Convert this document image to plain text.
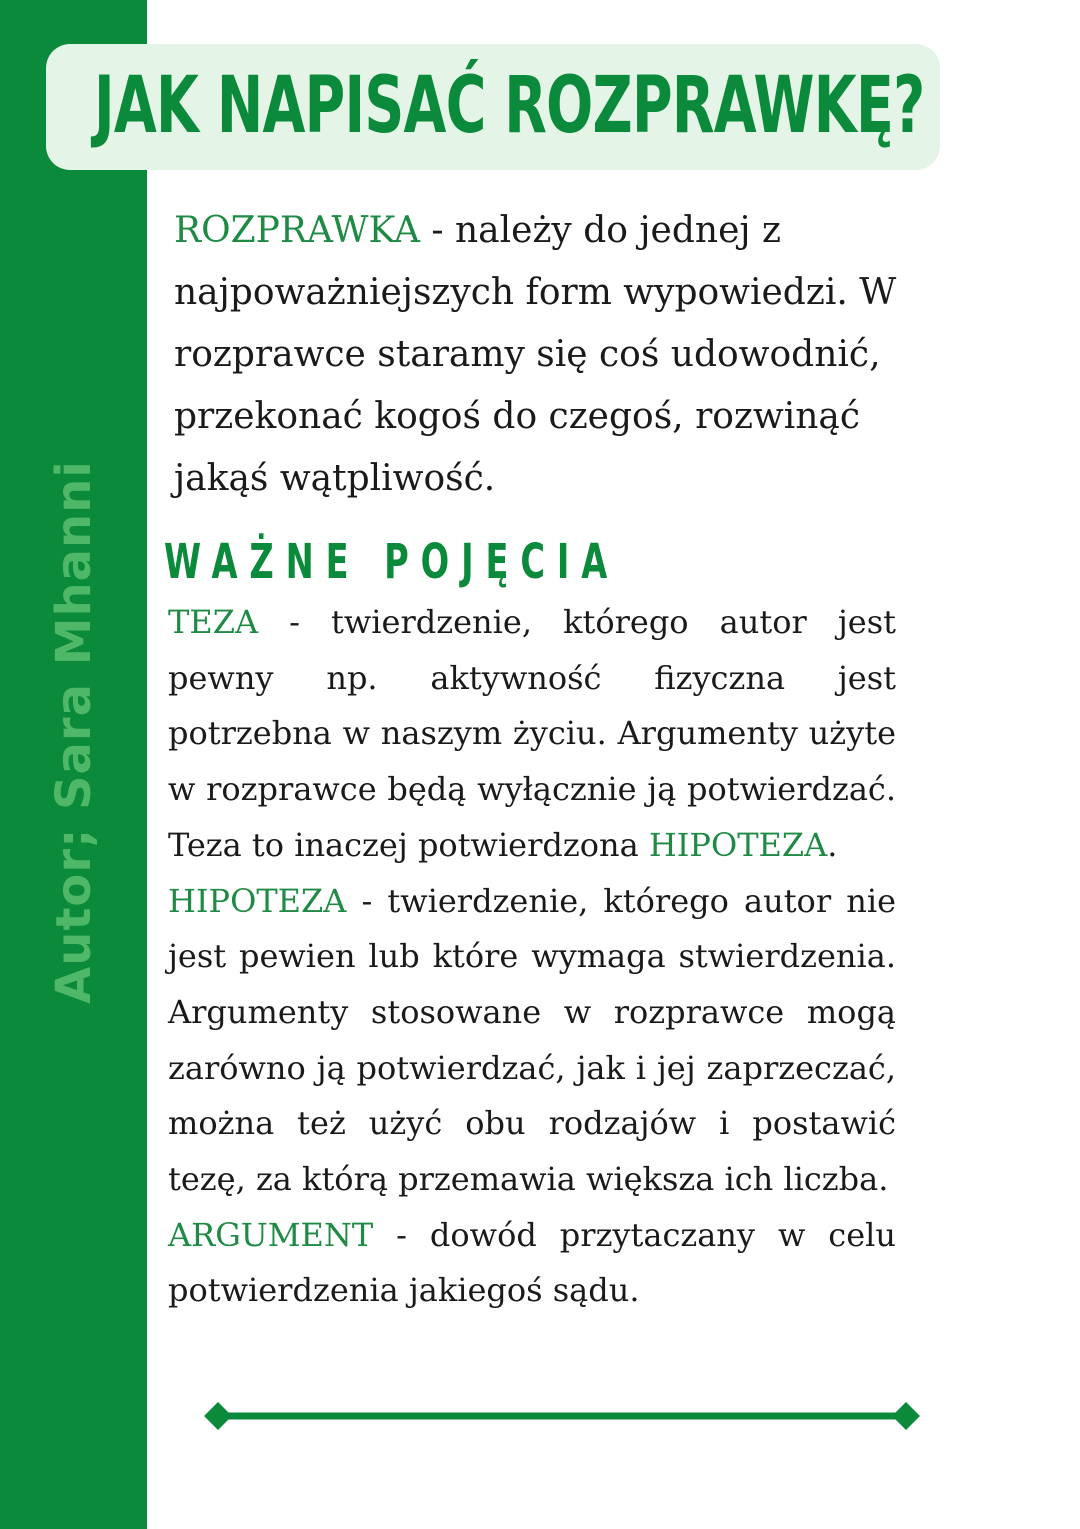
Autor; Sara Mhanni
JAK NAPISAĆ ROZPRAWKĘ?
ROZPRAWKA - należy do jednej z
najpoważniejszych form wypowiedzi. W
rozprawce staramy się coś udowodnić,
przekonać kogoś do czegoś, rozwinąć
jakąś wątpliwość.
WAŻNE POJĘCIA

TEZA - twierdzenie, którego autor jest pewny np. aktywność fizyczna jest potrzebna w naszym życiu. Argumenty użyte w rozprawce będą wyłącznie ją potwierdzać. Teza to inaczej potwierdzona HIPOTEZA.

HIPOTEZA - twierdzenie, którego autor nie jest pewien lub które wymaga stwierdzenia. Argumenty stosowane w rozprawce mogą zarówno ją potwierdzać, jak i jej zaprzeczać, można też użyć obu rodzajów i postawić tezę, za którą przemawia większa ich liczba.

ARGUMENT - dowód przytaczany w celu potwierdzenia jakiegoś sądu.
